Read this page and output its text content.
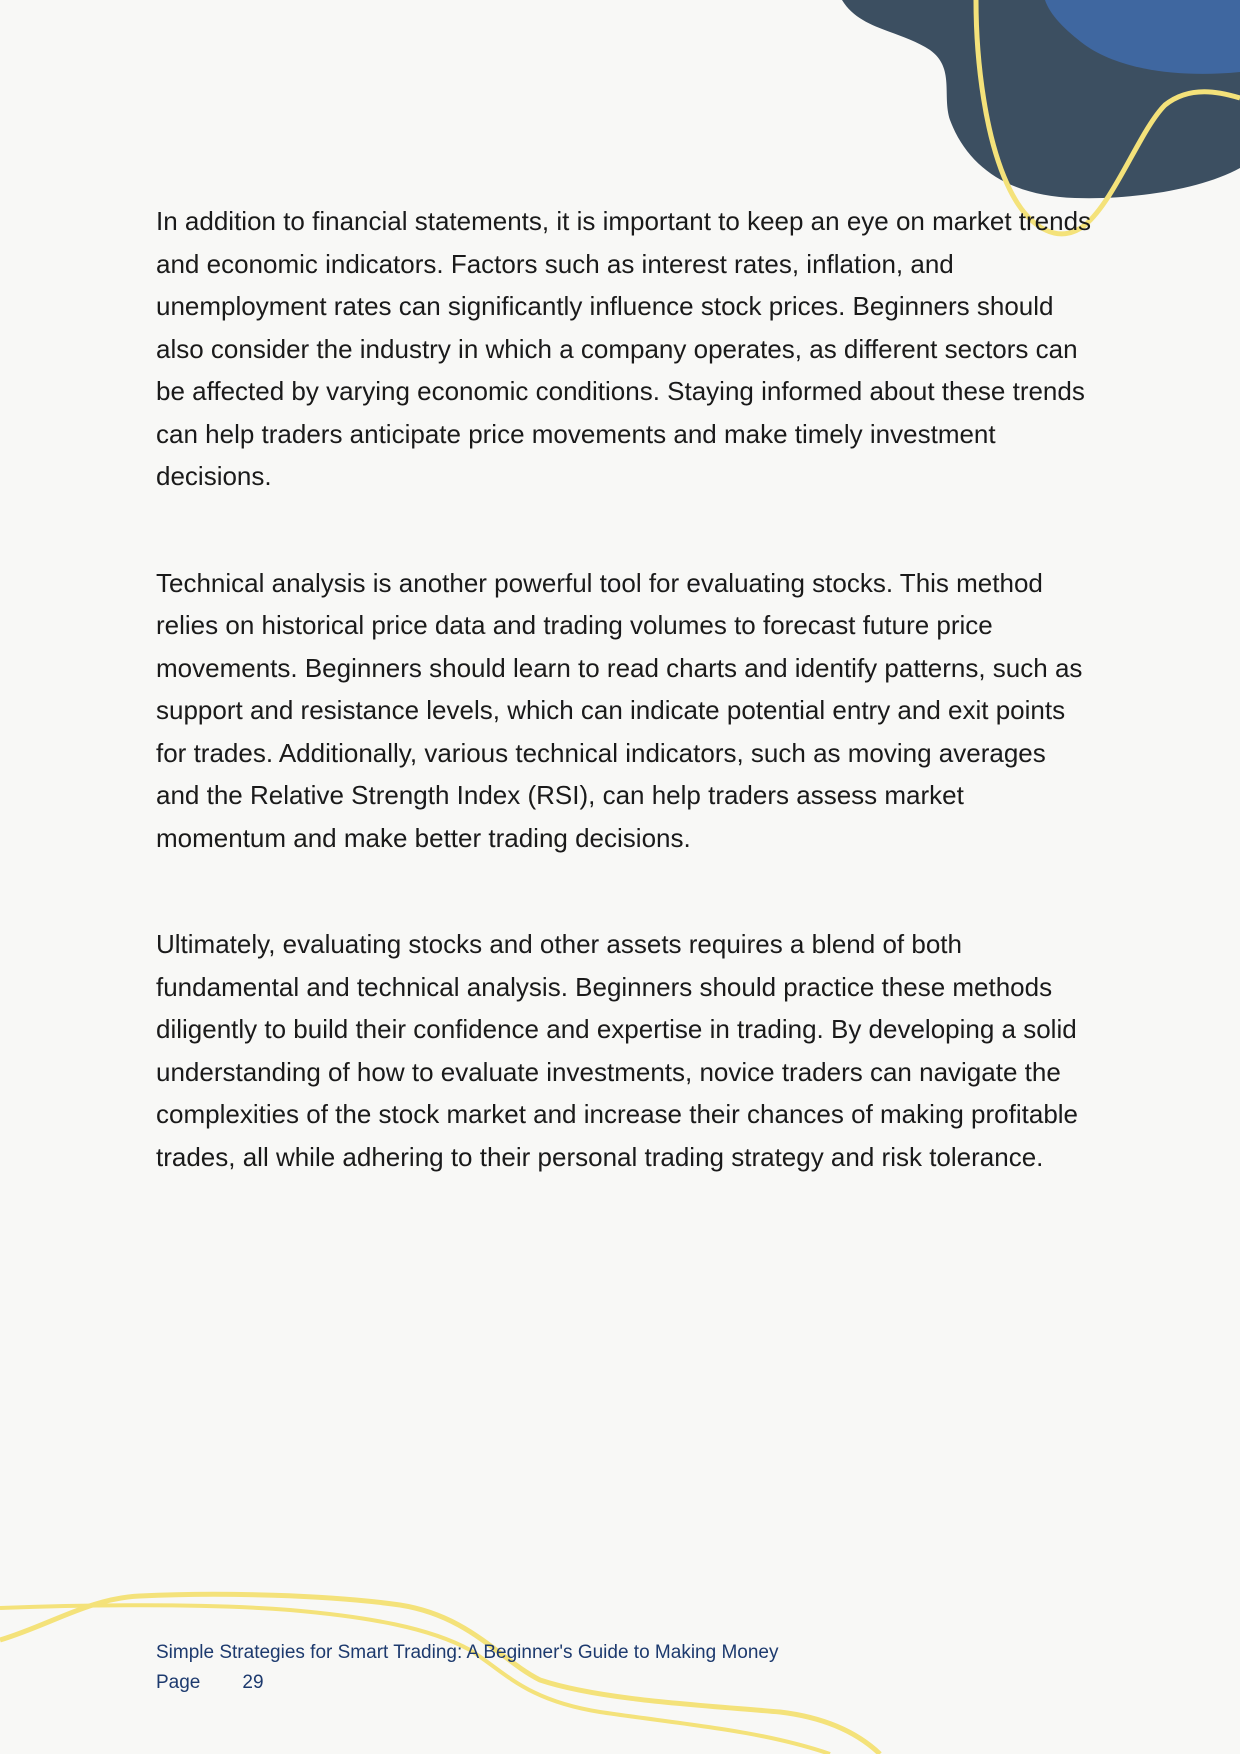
In addition to financial statements, it is important to keep an eye on market trends and economic indicators. Factors such as interest rates, inflation, and unemployment rates can significantly influence stock prices. Beginners should also consider the industry in which a company operates, as different sectors can be affected by varying economic conditions. Staying informed about these trends can help traders anticipate price movements and make timely investment decisions.

Technical analysis is another powerful tool for evaluating stocks. This method relies on historical price data and trading volumes to forecast future price movements. Beginners should learn to read charts and identify patterns, such as support and resistance levels, which can indicate potential entry and exit points for trades. Additionally, various technical indicators, such as moving averages and the Relative Strength Index (RSI), can help traders assess market momentum and make better trading decisions.

Ultimately, evaluating stocks and other assets requires a blend of both fundamental and technical analysis. Beginners should practice these methods diligently to build their confidence and expertise in trading. By developing a solid understanding of how to evaluate investments, novice traders can navigate the complexities of the stock market and increase their chances of making profitable trades, all while adhering to their personal trading strategy and risk tolerance.

Simple Strategies for Smart Trading: A Beginner's Guide to Making Money
Page 29
